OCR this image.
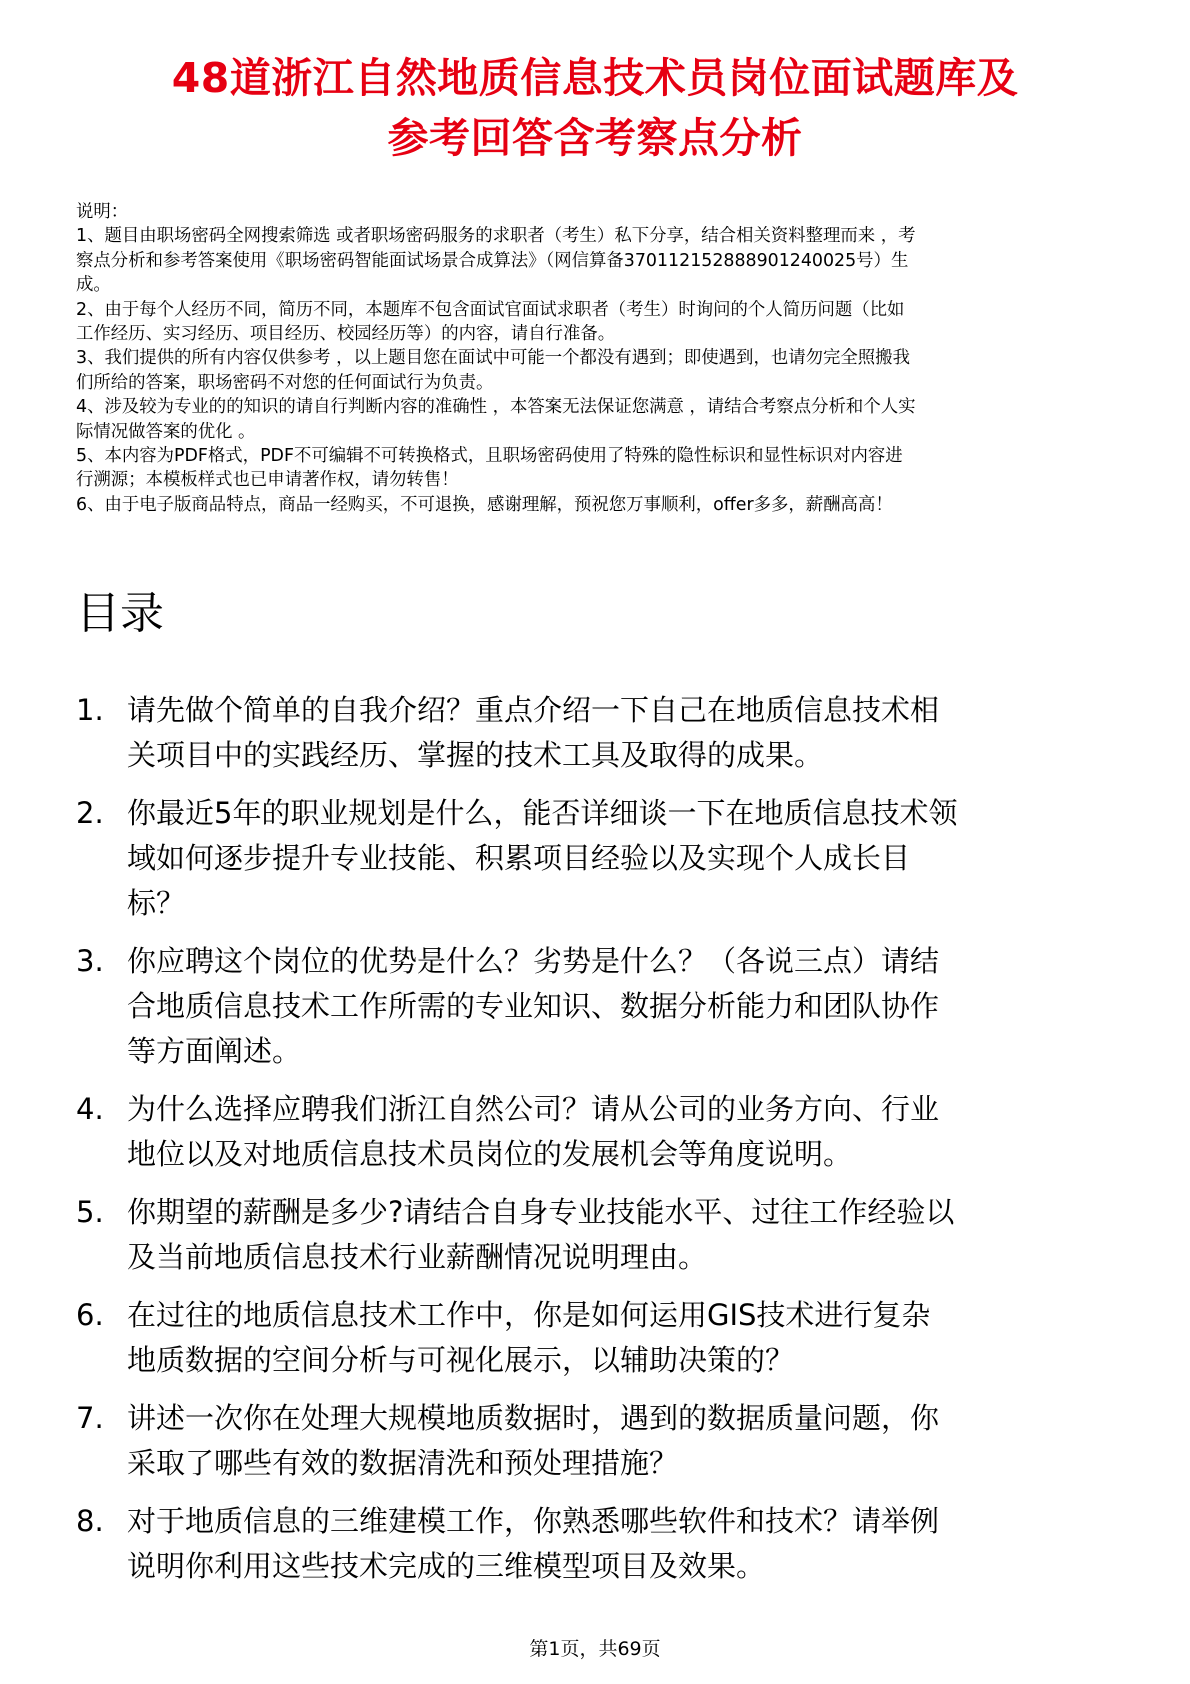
48道浙江自然地质信息技术员岗位面试题库及
参考回答含考察点分析
说明：
1、题目由职场密码全网搜索筛选 或者职场密码服务的求职者（考生）私下分享，结合相关资料整理而来 ，考
察点分析和参考答案使用《职场密码智能面试场景合成算法》（网信算备370112152888901240025号）生
成。
2、由于每个人经历不同，简历不同，本题库不包含面试官面试求职者（考生）时询问的个人简历问题（比如
工作经历、实习经历、项目经历、校园经历等）的内容，请自行准备。
3、我们提供的所有内容仅供参考 ，以上题目您在面试中可能一个都没有遇到；即使遇到，也请勿完全照搬我
们所给的答案，职场密码不对您的任何面试行为负责。
4、涉及较为专业的的知识的请自行判断内容的准确性 ，本答案无法保证您满意 ，请结合考察点分析和个人实
际情况做答案的优化 。
5、本内容为PDF格式，PDF不可编辑不可转换格式，且职场密码使用了特殊的隐性标识和显性标识对内容进
行溯源；本模板样式也已申请著作权，请勿转售！
6、由于电子版商品特点，商品一经购买，不可退换，感谢理解，预祝您万事顺利，offer多多，薪酬高高！
目录
1. 请先做个简单的自我介绍？重点介绍一下自己在地质信息技术相
关项目中的实践经历、掌握的技术工具及取得的成果。
2. 你最近5年的职业规划是什么，能否详细谈一下在地质信息技术领
域如何逐步提升专业技能、积累项目经验以及实现个人成长目
标？
3. 你应聘这个岗位的优势是什么？劣势是什么？（各说三点）请结
合地质信息技术工作所需的专业知识、数据分析能力和团队协作
等方面阐述。
4. 为什么选择应聘我们浙江自然公司？请从公司的业务方向、行业
地位以及对地质信息技术员岗位的发展机会等角度说明。
5. 你期望的薪酬是多少?请结合自身专业技能水平、过往工作经验以
及当前地质信息技术行业薪酬情况说明理由。
6. 在过往的地质信息技术工作中，你是如何运用GIS技术进行复杂
地质数据的空间分析与可视化展示，以辅助决策的？
7. 讲述一次你在处理大规模地质数据时，遇到的数据质量问题，你
采取了哪些有效的数据清洗和预处理措施？
8. 对于地质信息的三维建模工作，你熟悉哪些软件和技术？请举例
说明你利用这些技术完成的三维模型项目及效果。
第1页，共69页
